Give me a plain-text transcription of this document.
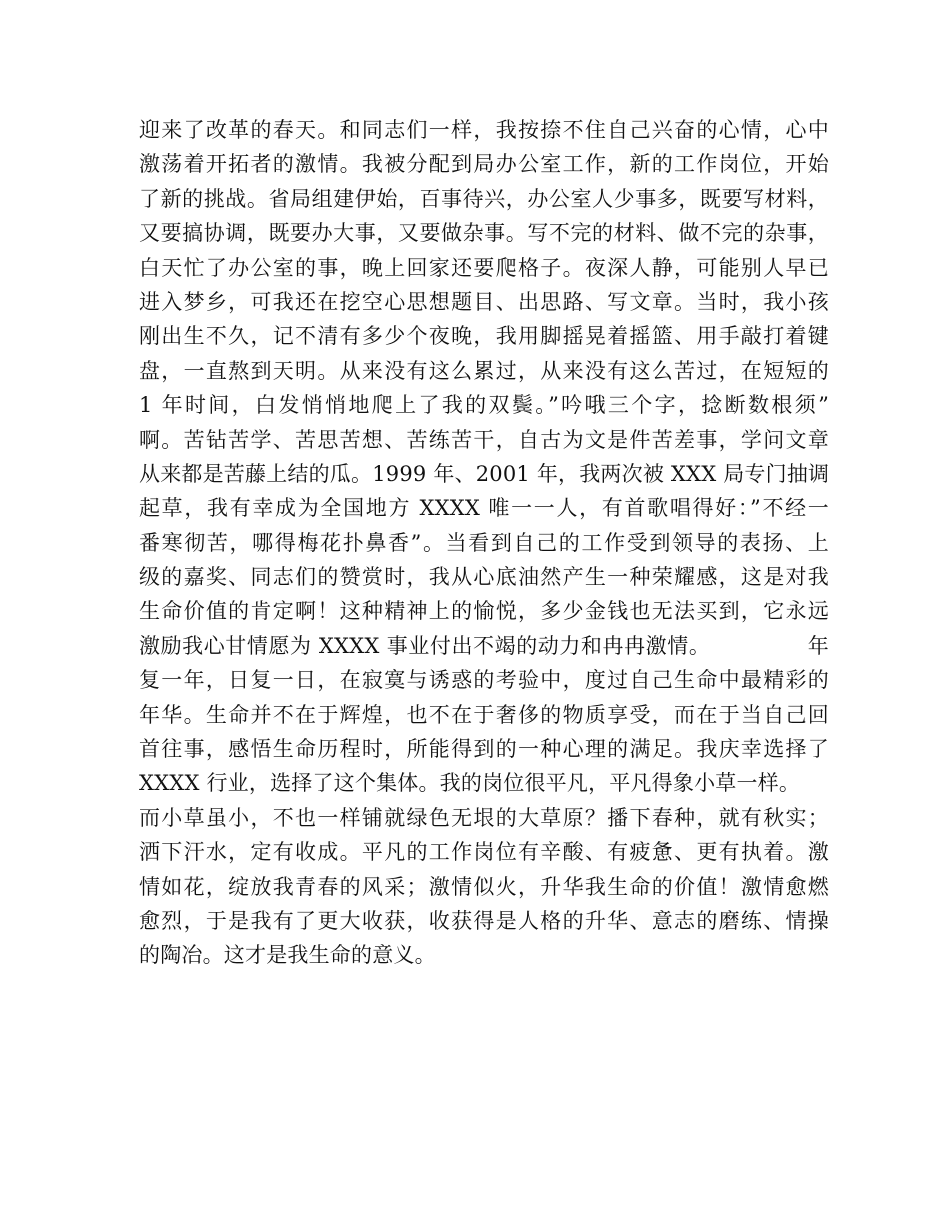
迎来了改革的春天。和同志们一样，我按捺不住自己兴奋的心情，心中
激荡着开拓者的激情。我被分配到局办公室工作，新的工作岗位，开始
了新的挑战。省局组建伊始，百事待兴，办公室人少事多，既要写材料，
又要搞协调，既要办大事，又要做杂事。写不完的材料、做不完的杂事，
白天忙了办公室的事，晚上回家还要爬格子。夜深人静，可能别人早已
进入梦乡，可我还在挖空心思想题目、出思路、写文章。当时，我小孩
刚出生不久，记不清有多少个夜晚，我用脚摇晃着摇篮、用手敲打着键
盘，一直熬到天明。从来没有这么累过，从来没有这么苦过，在短短的
1 年时间，白发悄悄地爬上了我的双鬓。”吟哦三个字，捻断数根须”
啊。苦钻苦学、苦思苦想、苦练苦干，自古为文是件苦差事，学问文章
从来都是苦藤上结的瓜。1999 年、2001 年，我两次被 XXX 局专门抽调
起草，我有幸成为全国地方 XXXX 唯一一人，有首歌唱得好：”不经一
番寒彻苦，哪得梅花扑鼻香”。当看到自己的工作受到领导的表扬、上
级的嘉奖、同志们的赞赏时，我从心底油然产生一种荣耀感，这是对我
生命价值的肯定啊！这种精神上的愉悦，多少金钱也无法买到，它永远
激励我心甘情愿为 XXXX 事业付出不竭的动力和冉冉激情。　　　　　年
复一年，日复一日，在寂寞与诱惑的考验中，度过自己生命中最精彩的
年华。生命并不在于辉煌，也不在于奢侈的物质享受，而在于当自己回
首往事，感悟生命历程时，所能得到的一种心理的满足。我庆幸选择了
XXXX 行业，选择了这个集体。我的岗位很平凡，平凡得象小草一样。
而小草虽小，不也一样铺就绿色无垠的大草原？播下春种，就有秋实；
洒下汗水，定有收成。平凡的工作岗位有辛酸、有疲惫、更有执着。激
情如花，绽放我青春的风采；激情似火，升华我生命的价值！激情愈燃
愈烈，于是我有了更大收获，收获得是人格的升华、意志的磨练、情操
的陶冶。这才是我生命的意义。
